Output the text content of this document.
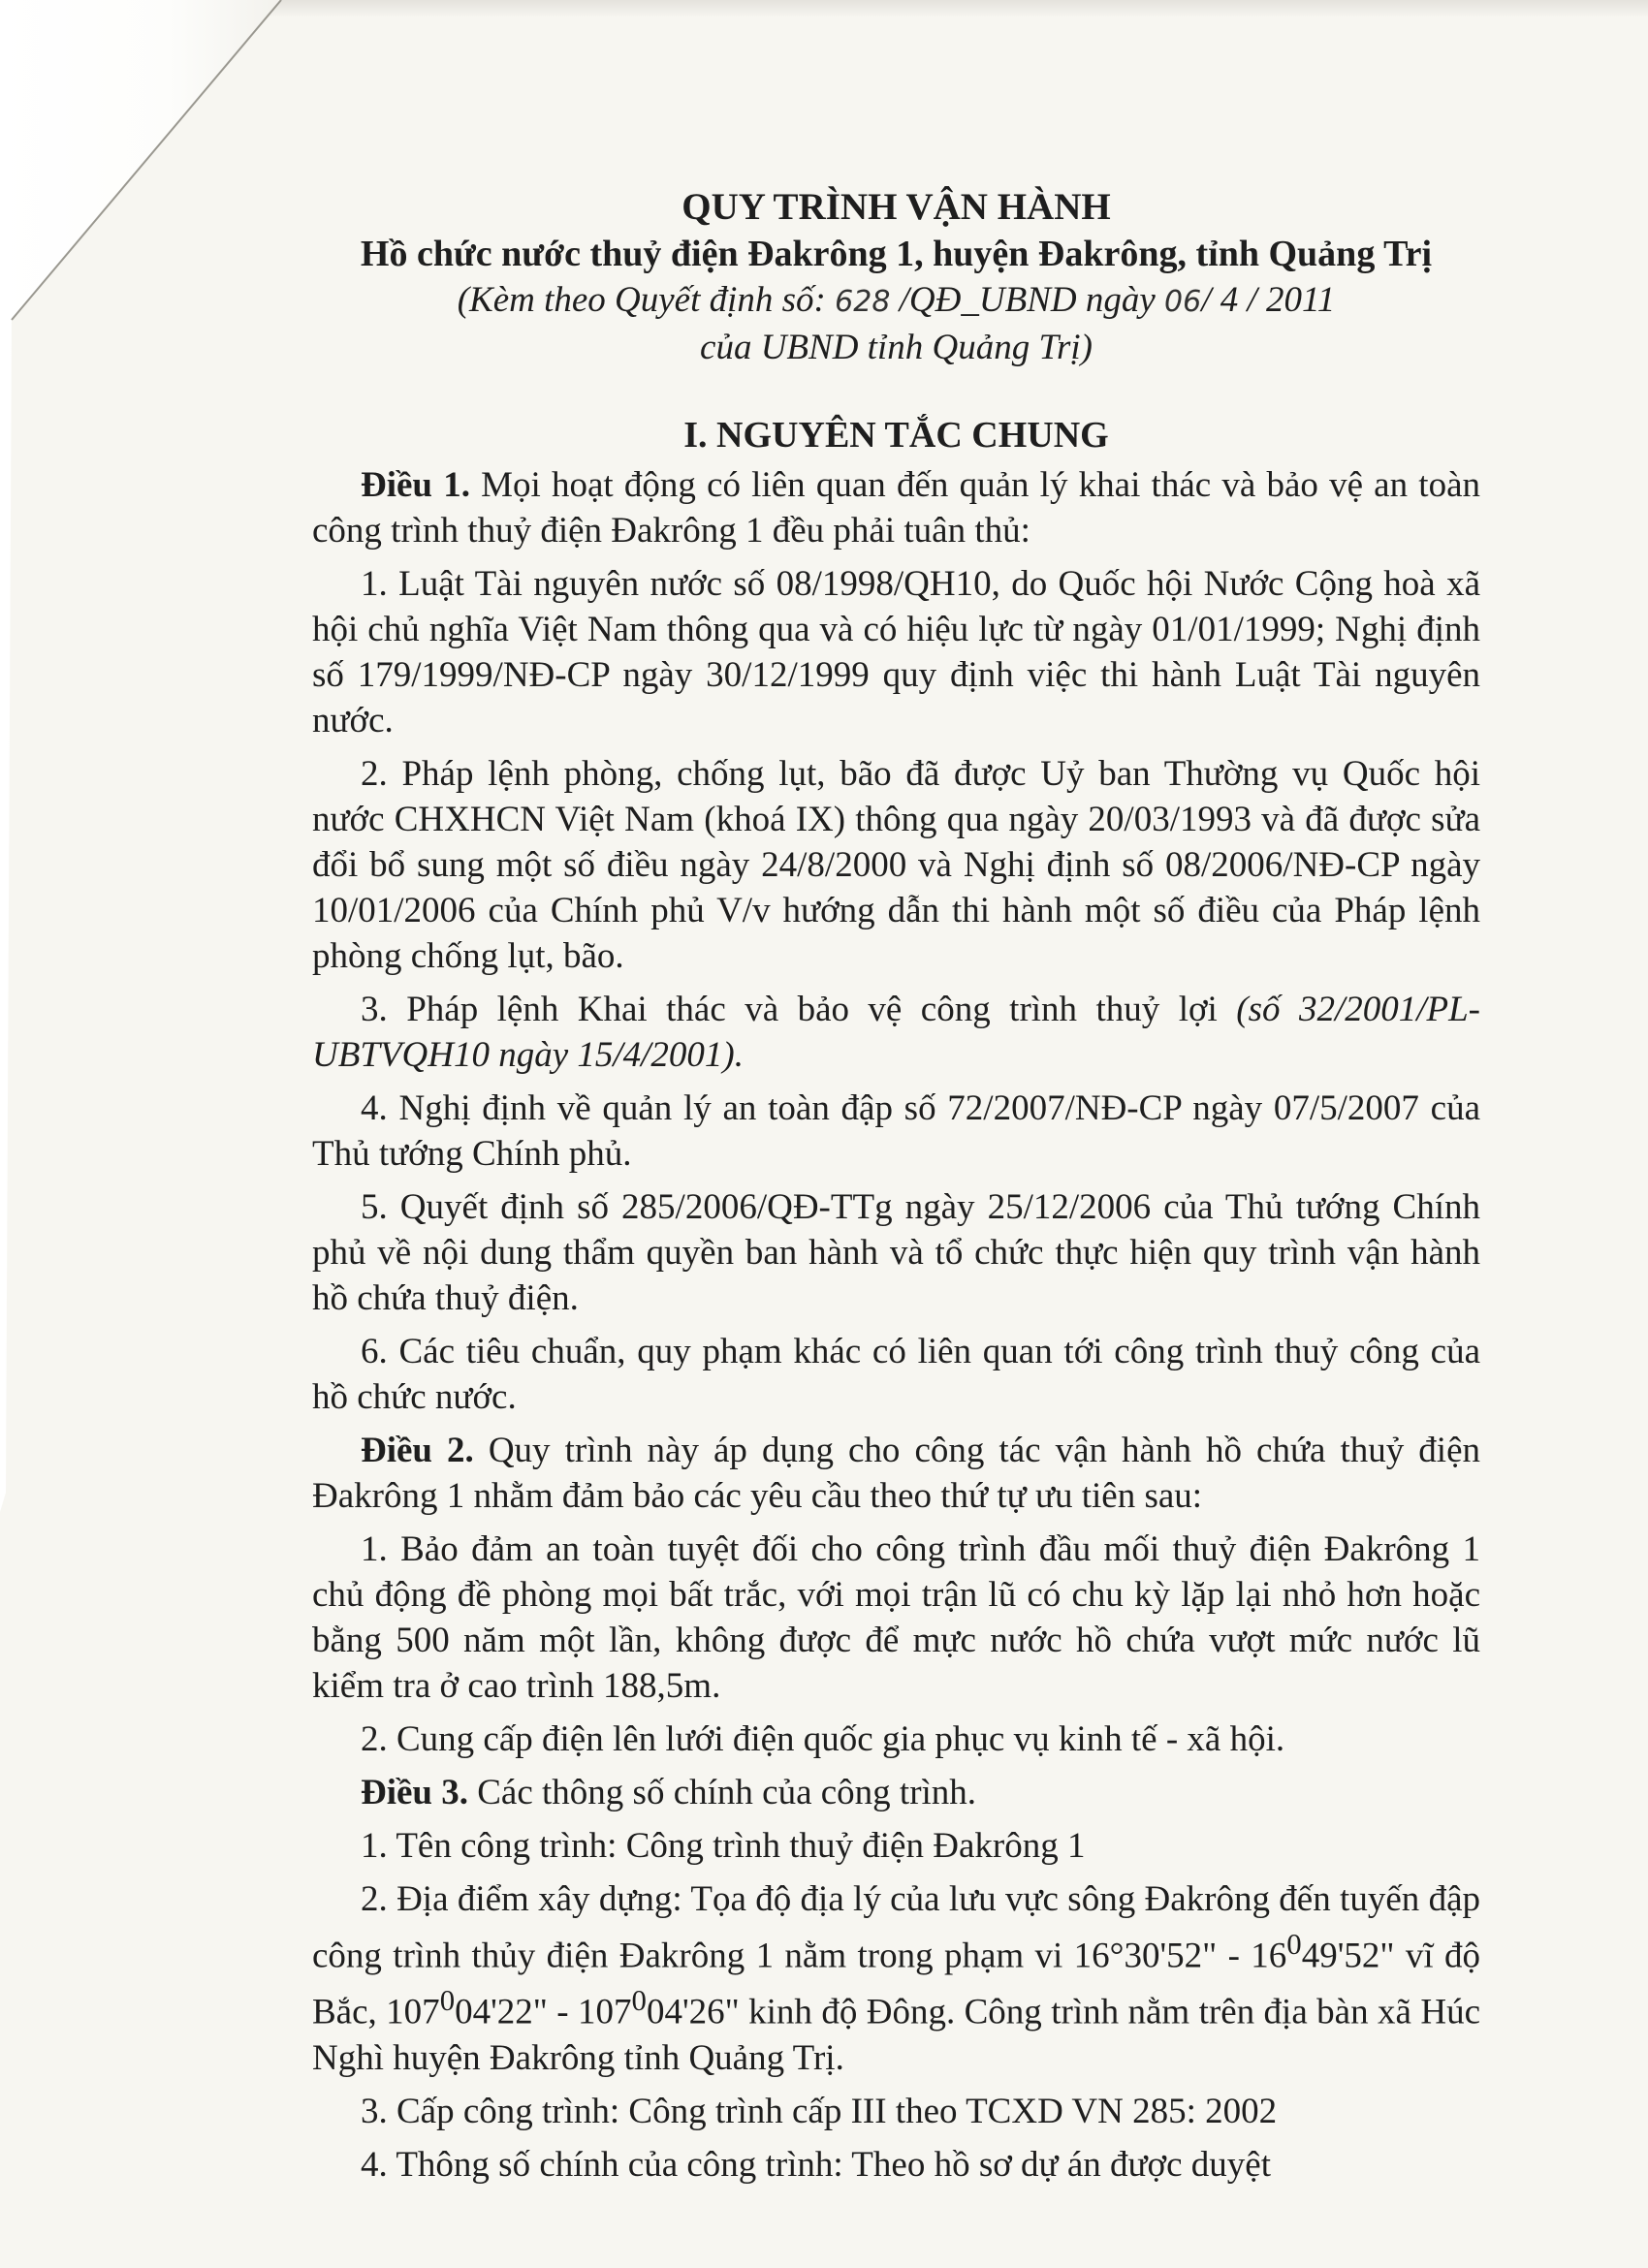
QUY TRÌNH VẬN HÀNH

Hồ chức nước thuỷ điện Đakrông 1, huyện Đakrông, tỉnh Quảng Trị

(Kèm theo Quyết định số: 628 /QĐ_UBND ngày 06/ 4 / 2011

của UBND tỉnh Quảng Trị)

I. NGUYÊN TẮC CHUNG

Điều 1. Mọi hoạt động có liên quan đến quản lý khai thác và bảo vệ an toàn công trình thuỷ điện Đakrông 1 đều phải tuân thủ:

1. Luật Tài nguyên nước số 08/1998/QH10, do Quốc hội Nước Cộng hoà xã hội chủ nghĩa Việt Nam thông qua và có hiệu lực từ ngày 01/01/1999; Nghị định số 179/1999/NĐ-CP ngày 30/12/1999 quy định việc thi hành Luật Tài nguyên nước.

2. Pháp lệnh phòng, chống lụt, bão đã được Uỷ ban Thường vụ Quốc hội nước CHXHCN Việt Nam (khoá IX) thông qua ngày 20/03/1993 và đã được sửa đổi bổ sung một số điều ngày 24/8/2000 và Nghị định số 08/2006/NĐ-CP ngày 10/01/2006 của Chính phủ V/v hướng dẫn thi hành một số điều của Pháp lệnh phòng chống lụt, bão.

3. Pháp lệnh Khai thác và bảo vệ công trình thuỷ lợi (số 32/2001/PL-UBTVQH10 ngày 15/4/2001).

4. Nghị định về quản lý an toàn đập số 72/2007/NĐ-CP ngày 07/5/2007 của Thủ tướng Chính phủ.

5. Quyết định số 285/2006/QĐ-TTg ngày 25/12/2006 của Thủ tướng Chính phủ về nội dung thẩm quyền ban hành và tổ chức thực hiện quy trình vận hành hồ chứa thuỷ điện.

6. Các tiêu chuẩn, quy phạm khác có liên quan tới công trình thuỷ công của hồ chức nước.

Điều 2. Quy trình này áp dụng cho công tác vận hành hồ chứa thuỷ điện Đakrông 1 nhằm đảm bảo các yêu cầu theo thứ tự ưu tiên sau:

1. Bảo đảm an toàn tuyệt đối cho công trình đầu mối thuỷ điện Đakrông 1 chủ động đề phòng mọi bất trắc, với mọi trận lũ có chu kỳ lặp lại nhỏ hơn hoặc bằng 500 năm một lần, không được để mực nước hồ chứa vượt mức nước lũ kiểm tra ở cao trình 188,5m.

2. Cung cấp điện lên lưới điện quốc gia phục vụ kinh tế - xã hội.

Điều 3. Các thông số chính của công trình.

1. Tên công trình: Công trình thuỷ điện Đakrông 1

2. Địa điểm xây dựng: Tọa độ địa lý của lưu vực sông Đakrông đến tuyến đập công trình thủy điện Đakrông 1 nằm trong phạm vi 16°30'52" - $16^049'52$" vĩ độ Bắc, $107^004'22$" - $107^004'26$" kinh độ Đông. Công trình nằm trên địa bàn xã Húc Nghì huyện Đakrông tỉnh Quảng Trị.

3. Cấp công trình: Công trình cấp III theo TCXD VN 285: 2002

4. Thông số chính của công trình: Theo hồ sơ dự án được duyệt
